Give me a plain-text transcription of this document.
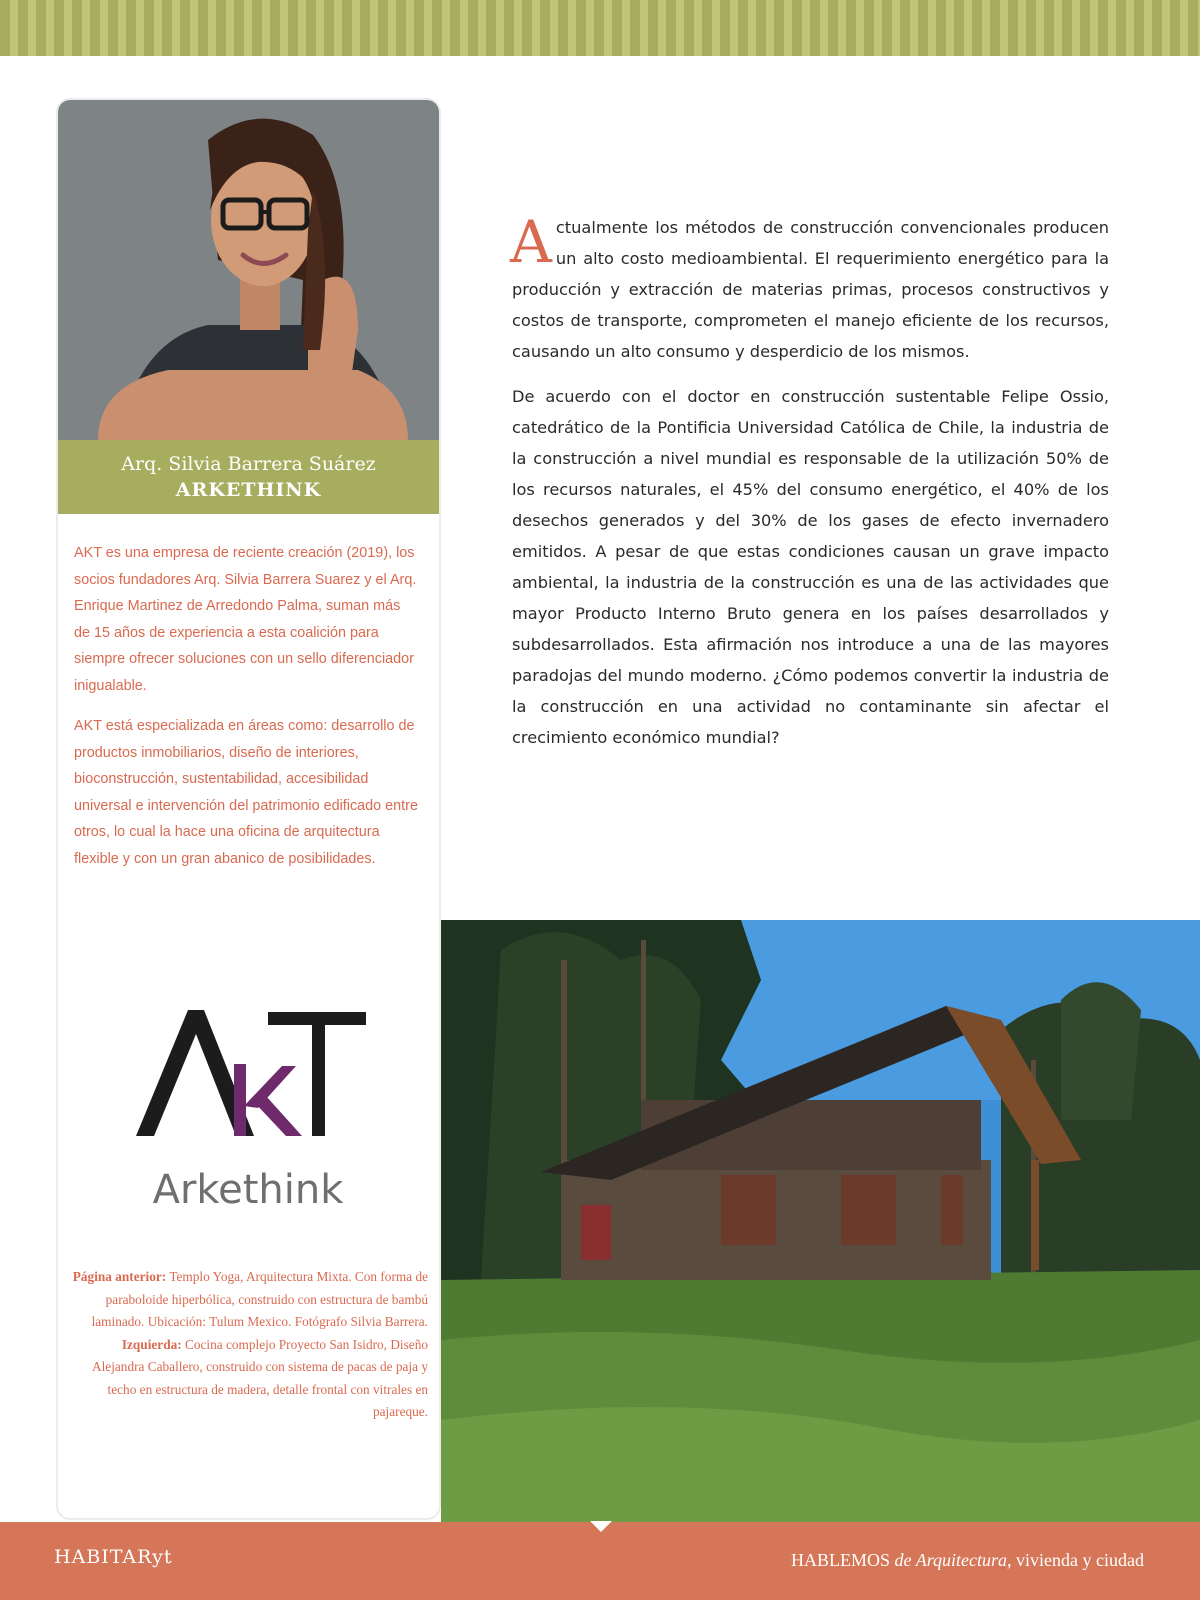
Arq. Silvia Barrera Suárez
ARKETHINK

AKT es una empresa de reciente creación (2019), los socios fundadores Arq. Silvia Barrera Suarez y el Arq. Enrique Martinez de Arredondo Palma, suman más de 15 años de experiencia a esta coalición para siempre ofrecer soluciones con un sello diferenciador inigualable.

AKT está especializada en áreas como: desarrollo de productos inmobiliarios, diseño de interiores, bioconstrucción, sustentabilidad, accesibilidad universal e intervención del patrimonio edificado entre otros, lo cual la hace una oficina de arquitectura flexible y con un gran abanico de posibilidades.

Arkethink
Página anterior: Templo Yoga, Arquitectura Mixta. Con forma de paraboloide hiperbólica, construido con estructura de bambú laminado. Ubicación: Tulum Mexico. Fotógrafo Silvia Barrera.
Izquierda: Cocina complejo Proyecto San Isidro, Diseño Alejandra Caballero, construido con sistema de pacas de paja y techo en estructura de madera, detalle frontal con vitrales en pajareque.

Actualmente los métodos de construcción convencionales producen un alto costo medioambiental. El requerimiento energético para la producción y extracción de materias primas, procesos constructivos y costos de transporte, comprometen el manejo eficiente de los recursos, causando un alto consumo y desperdicio de los mismos.

De acuerdo con el doctor en construcción sustentable Felipe Ossio, catedrático de la Pontificia Universidad Católica de Chile, la industria de la construcción a nivel mundial es responsable de la utilización 50% de los recursos naturales, el 45% del consumo energético, el 40% de los desechos generados y del 30% de los gases de efecto invernadero emitidos. A pesar de que estas condiciones causan un grave impacto ambiental, la industria de la construcción es una de las actividades que mayor Producto Interno Bruto genera en los países desarrollados y subdesarrollados. Esta afirmación nos introduce a una de las mayores paradojas del mundo moderno. ¿Cómo podemos convertir la industria de la construcción en una actividad no contaminante sin afectar el crecimiento económico mundial?

HABITARyt	HABLEMOS de Arquitectura, vivienda y ciudad
